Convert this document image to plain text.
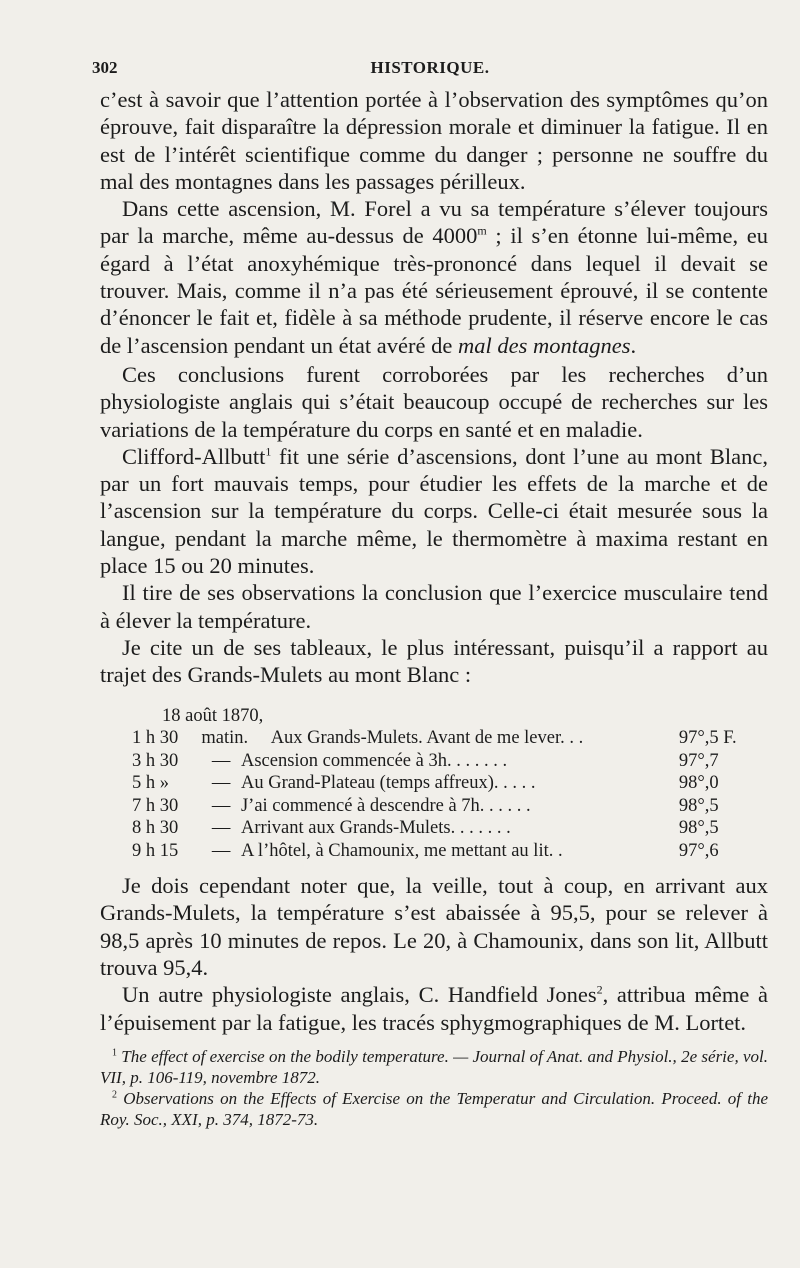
302	HISTORIQUE.

c’est à savoir que l’attention portée à l’observation des symptômes qu’on éprouve, fait disparaître la dépression morale et diminuer la fatigue. Il en est de l’intérêt scientifique comme du danger ; personne ne souffre du mal des montagnes dans les passages périlleux.

Dans cette ascension, M. Forel a vu sa température s’élever toujours par la marche, même au-dessus de 4000$^m$ ; il s’en étonne lui-même, eu égard à l’état anoxyhémique très-prononcé dans lequel il devait se trouver. Mais, comme il n’a pas été sérieusement éprouvé, il se contente d’énoncer le fait et, fidèle à sa méthode prudente, il réserve encore le cas de l’ascension pendant un état avéré de mal des montagnes.

Ces conclusions furent corroborées par les recherches d’un physiologiste anglais qui s’était beaucoup occupé de recherches sur les variations de la température du corps en santé et en maladie.

Clifford-Allbutt$^1$ fit une série d’ascensions, dont l’une au mont Blanc, par un fort mauvais temps, pour étudier les effets de la marche et de l’ascension sur la température du corps. Celle-ci était mesurée sous la langue, pendant la marche même, le thermomètre à maxima restant en place 15 ou 20 minutes.

Il tire de ses observations la conclusion que l’exercice musculaire tend à élever la température.

Je cite un de ses tableaux, le plus intéressant, puisqu’il a rapport au trajet des Grands-Mulets au mont Blanc :

18 août 1870,
1 h 30	matin.	Aux Grands-Mulets. Avant de me lever. . .	97°,5 F.
3 h 30	— Ascension commencée à 3h. . . . . . .	97°,7
5 h »	— Au Grand-Plateau (temps affreux). . . . .	98°,0
7 h 30	— J’ai commencé à descendre à 7h. . . . . .	98°,5
8 h 30	— Arrivant aux Grands-Mulets. . . . . . .	98°,5
9 h 15	— A l’hôtel, à Chamounix, me mettant au lit. .	97°,6

Je dois cependant noter que, la veille, tout à coup, en arrivant aux Grands-Mulets, la température s’est abaissée à 95,5, pour se relever à 98,5 après 10 minutes de repos. Le 20, à Chamounix, dans son lit, Allbutt trouva 95,4.

Un autre physiologiste anglais, C. Handfield Jones$^2$, attribua même à l’épuisement par la fatigue, les tracés sphygmographiques de M. Lortet.

$^1$ The effect of exercise on the bodily temperature. — Journal of Anat. and Physiol., 2e série, vol. VII, p. 106-119, novembre 1872.

$^2$ Observations on the Effects of Exercise on the Temperatur and Circulation. Proceed. of the Roy. Soc., XXI, p. 374, 1872-73.
